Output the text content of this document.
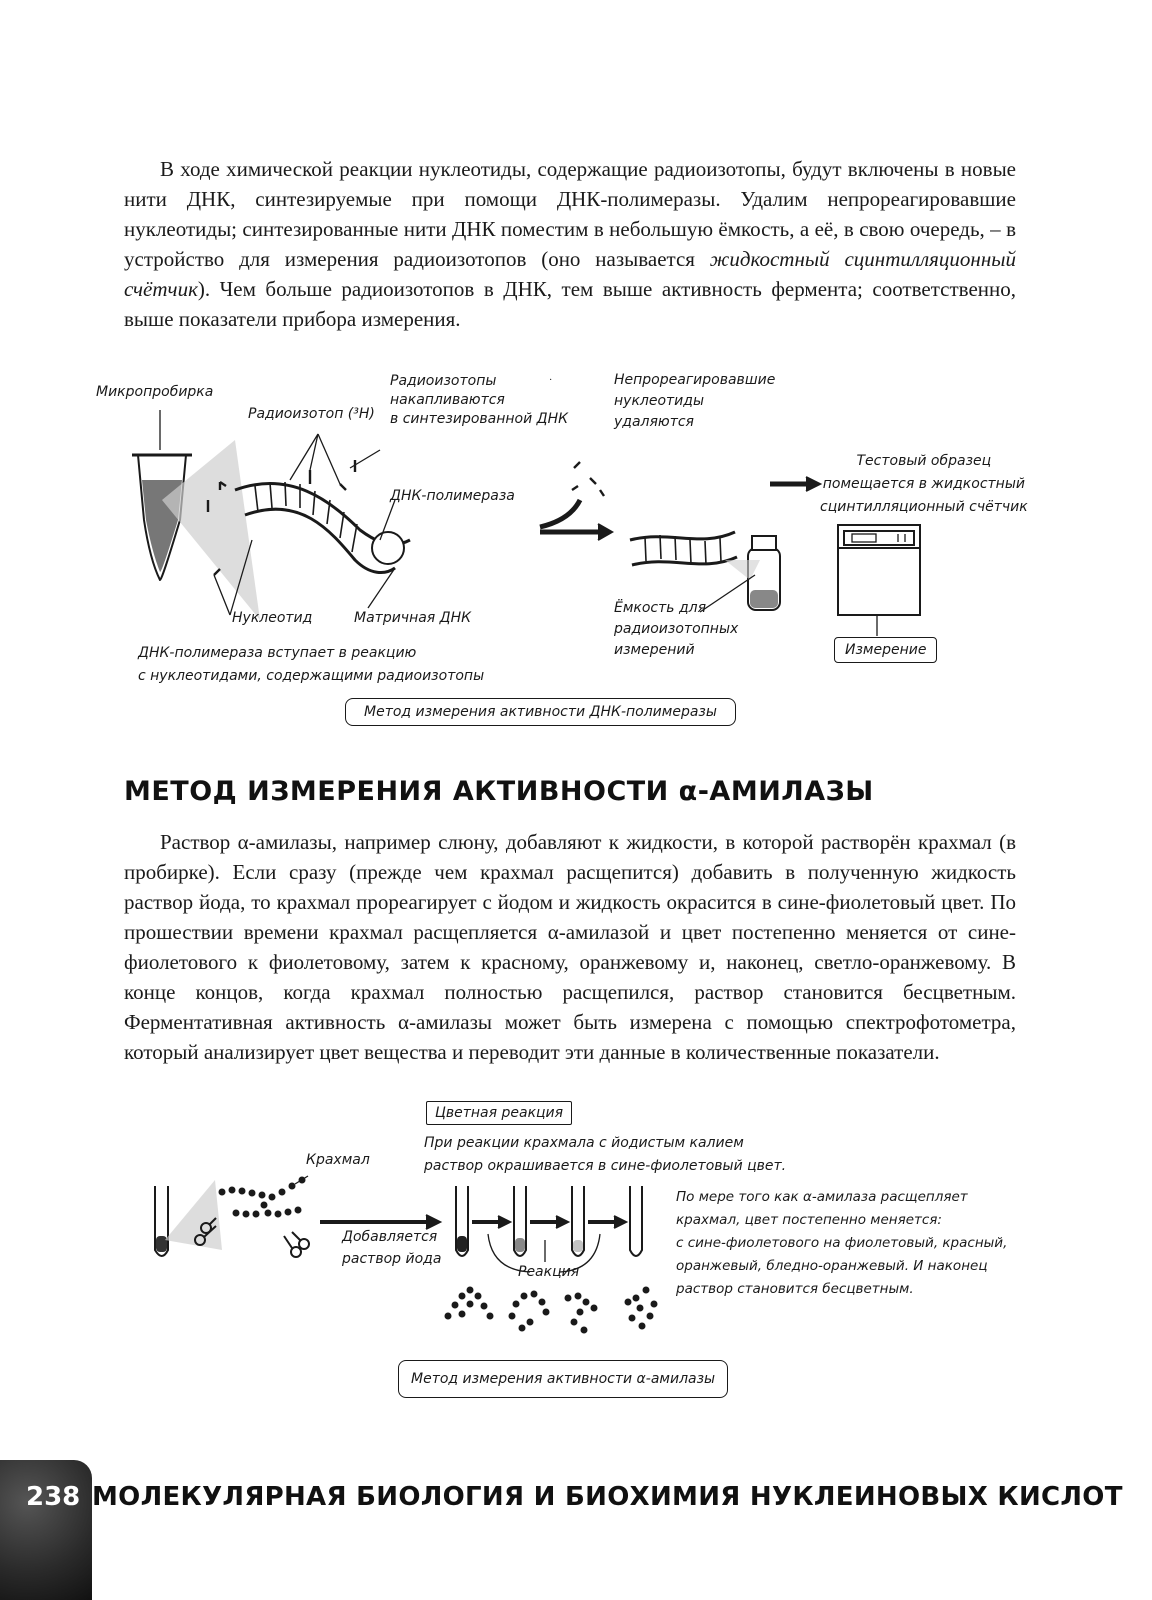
В ходе химической реакции нуклеотиды, содержащие радиоизотопы, будут включены в новые нити ДНК, синтезируемые при помощи ДНК-полимеразы. Удалим непрореагировавшие нуклеотиды; синтезированные нити ДНК поместим в небольшую ёмкость, а её, в свою очередь, – в устройство для измерения радиоизотопов (оно называется жидкостный сцинтилляционный счётчик). Чем больше радиоизотопов в ДНК, тем выше активность фермента; соответственно, выше показатели прибора измерения.

·
Микропробирка
Радиоизотоп (³H)
Радиоизотопы
накапливаются
в синтезированной ДНК
Непрореагировавшие
нуклеотиды
удаляются
ДНК-полимераза
Тестовый образец
помещается в жидкостный
сцинтилляционный счётчик
Нуклеотид	Матричная ДНК
Ёмкость для
радиоизотопных
измерений
ДНК-полимераза вступает в реакцию
с нуклеотидами, содержащими радиоизотопы
Измерение
Метод измерения активности ДНК-полимеразы
МЕТОД ИЗМЕРЕНИЯ АКТИВНОСТИ α-АМИЛАЗЫ

Раствор α-амилазы, например слюну, добавляют к жидкости, в которой растворён крахмал (в пробирке). Если сразу (прежде чем крахмал расщепится) добавить в полученную жидкость раствор йода, то крахмал прореагирует с йодом и жидкость окрасится в сине-фиолетовый цвет. По прошествии времени крахмал расщепляется α-амилазой и цвет постепенно меняется от сине-фиолетового к фиолетовому, затем к красному, оранжевому и, наконец, светло-оранжевому. В конце концов, когда крахмал полностью расщепился, раствор становится бесцветным. Ферментативная активность α-амилазы может быть измерена с помощью спектрофотометра, который анализирует цвет вещества и переводит эти данные в количественные показатели.

Цветная реакция
При реакции крахмала с йодистым калием
раствор окрашивается в сине-фиолетовый цвет.
Крахмал
Добавляется
раствор йода
Реакция
По мере того как α-амилаза расщепляет
крахмал, цвет постепенно меняется:
с сине-фиолетового на фиолетовый, красный,
оранжевый, бледно-оранжевый. И наконец
раствор становится бесцветным.
Метод измерения активности α-амилазы
238 МОЛЕКУЛЯРНАЯ БИОЛОГИЯ И БИОХИМИЯ НУКЛЕИНОВЫХ КИСЛОТ
